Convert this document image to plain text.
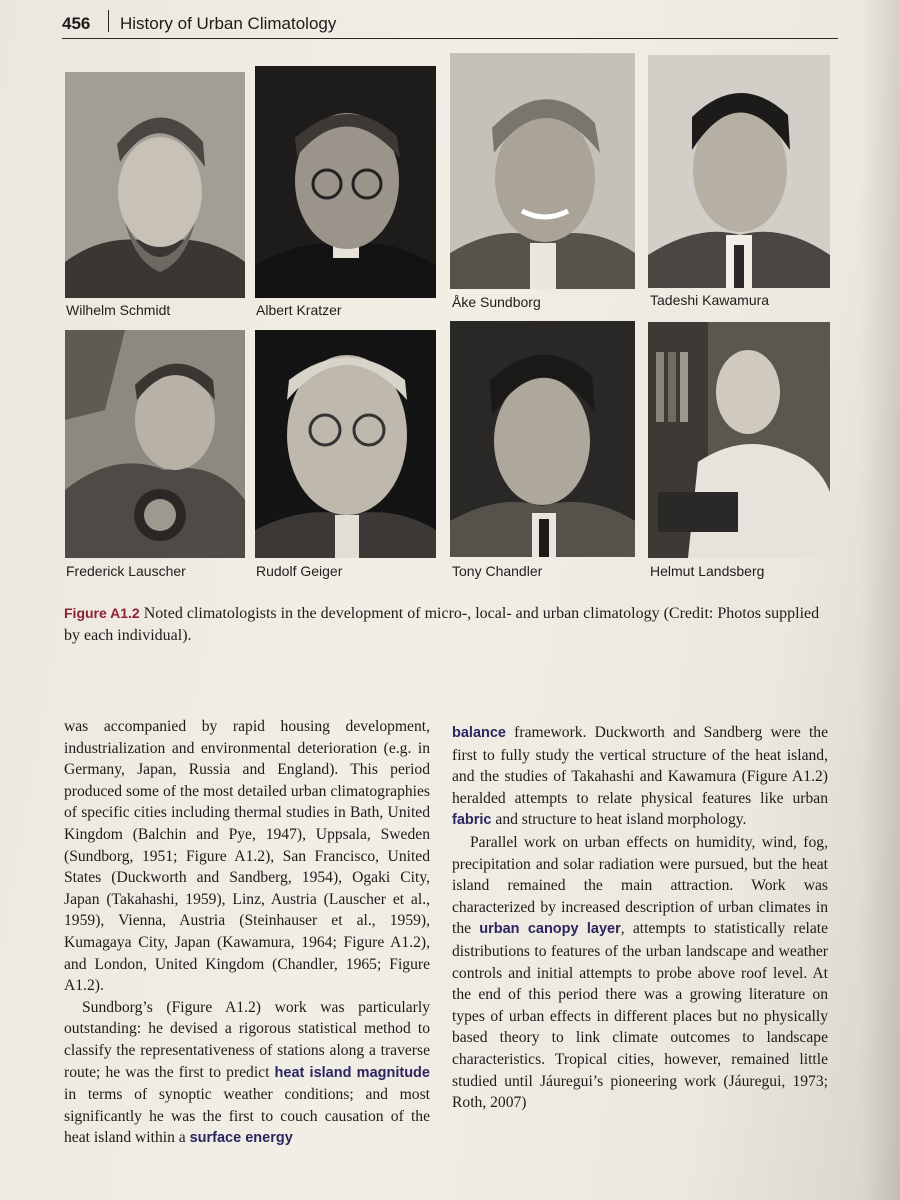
456 History of Urban Climatology
Wilhelm Schmidt	Albert Kratzer	Åke Sundborg	Tadeshi Kawamura
Frederick Lauscher	Rudolf Geiger	Tony Chandler	Helmut Landsberg
Figure A1.2 Noted climatologists in the development of micro-, local- and urban climatology (Credit: Photos supplied by each individual).

was accompanied by rapid housing development, industrialization and environmental deterioration (e.g. in Germany, Japan, Russia and England). This period produced some of the most detailed urban climatographies of specific cities including thermal studies in Bath, United Kingdom (Balchin and Pye, 1947), Uppsala, Sweden (Sundborg, 1951; Figure A1.2), San Francisco, United States (Duckworth and Sandberg, 1954), Ogaki City, Japan (Takahashi, 1959), Linz, Austria (Lauscher et al., 1959), Vienna, Austria (Steinhauser et al., 1959), Kumagaya City, Japan (Kawamura, 1964; Figure A1.2), and London, United Kingdom (Chandler, 1965; Figure A1.2).

Sundborg’s (Figure A1.2) work was particularly outstanding: he devised a rigorous statistical method to classify the representativeness of stations along a traverse route; he was the first to predict heat island magnitude in terms of synoptic weather conditions; and most significantly he was the first to couch causation of the heat island within a surface energy

balance framework. Duckworth and Sandberg were the first to fully study the vertical structure of the heat island, and the studies of Takahashi and Kawamura (Figure A1.2) heralded attempts to relate physical features like urban fabric and structure to heat island morphology.

Parallel work on urban effects on humidity, wind, fog, precipitation and solar radiation were pursued, but the heat island remained the main attraction. Work was characterized by increased description of urban climates in the urban canopy layer, attempts to statistically relate distributions to features of the urban landscape and weather controls and initial attempts to probe above roof level. At the end of this period there was a growing literature on types of urban effects in different places but no physically based theory to link climate outcomes to landscape characteristics. Tropical cities, however, remained little studied until Jáuregui’s pioneering work (Jáuregui, 1973; Roth, 2007)
